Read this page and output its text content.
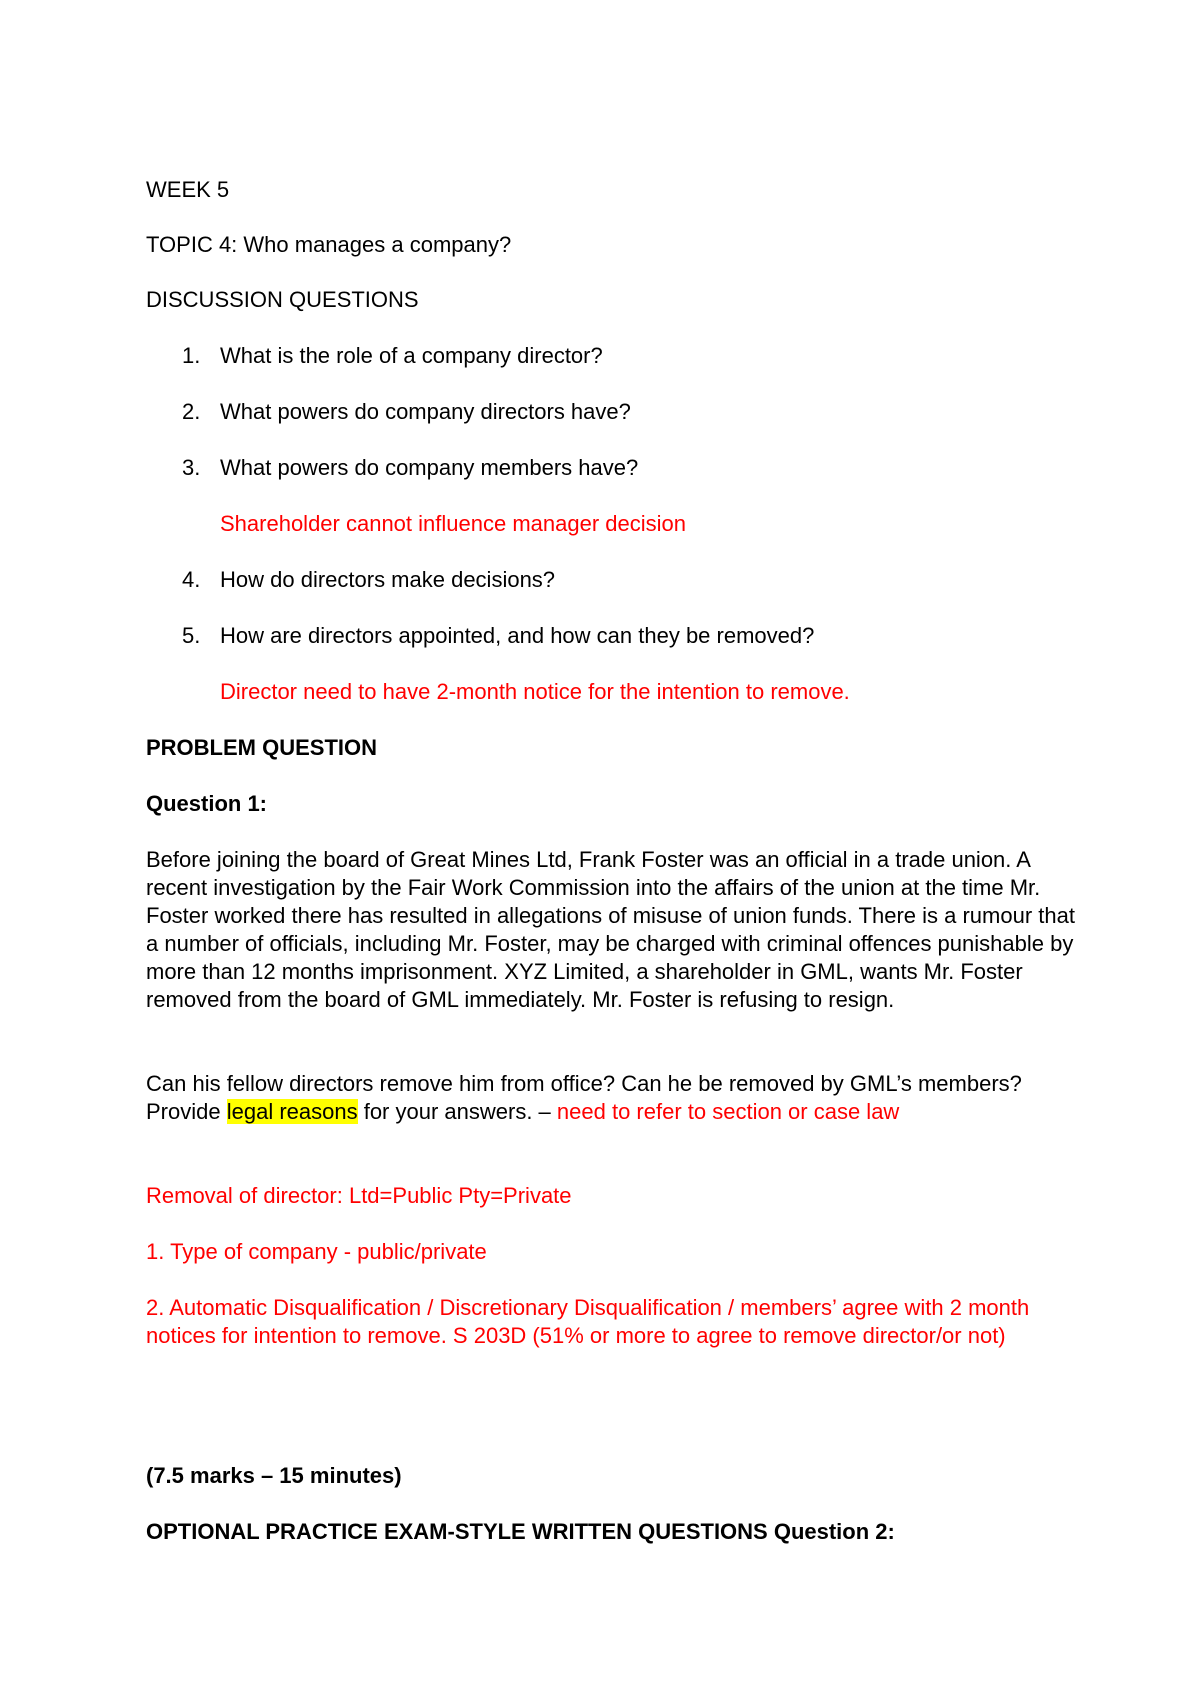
WEEK 5
TOPIC 4: Who manages a company?
DISCUSSION QUESTIONS
1. What is the role of a company director?
2. What powers do company directors have?
3. What powers do company members have?
Shareholder cannot influence manager decision
4. How do directors make decisions?
5. How are directors appointed, and how can they be removed?
Director need to have 2-month notice for the intention to remove.
PROBLEM QUESTION
Question 1:
Before joining the board of Great Mines Ltd, Frank Foster was an official in a trade union. A recent investigation by the Fair Work Commission into the affairs of the union at the time Mr. Foster worked there has resulted in allegations of misuse of union funds. There is a rumour that a number of officials, including Mr. Foster, may be charged with criminal offences punishable by more than 12 months imprisonment. XYZ Limited, a shareholder in GML, wants Mr. Foster removed from the board of GML immediately. Mr. Foster is refusing to resign.
Can his fellow directors remove him from office? Can he be removed by GML’s members? Provide legal reasons for your answers. – need to refer to section or case law
Removal of director: Ltd=Public Pty=Private
1. Type of company - public/private
2. Automatic Disqualification / Discretionary Disqualification / members’ agree with 2 month notices for intention to remove. S 203D (51% or more to agree to remove director/or not)
(7.5 marks – 15 minutes)
OPTIONAL PRACTICE EXAM-STYLE WRITTEN QUESTIONS Question 2:
